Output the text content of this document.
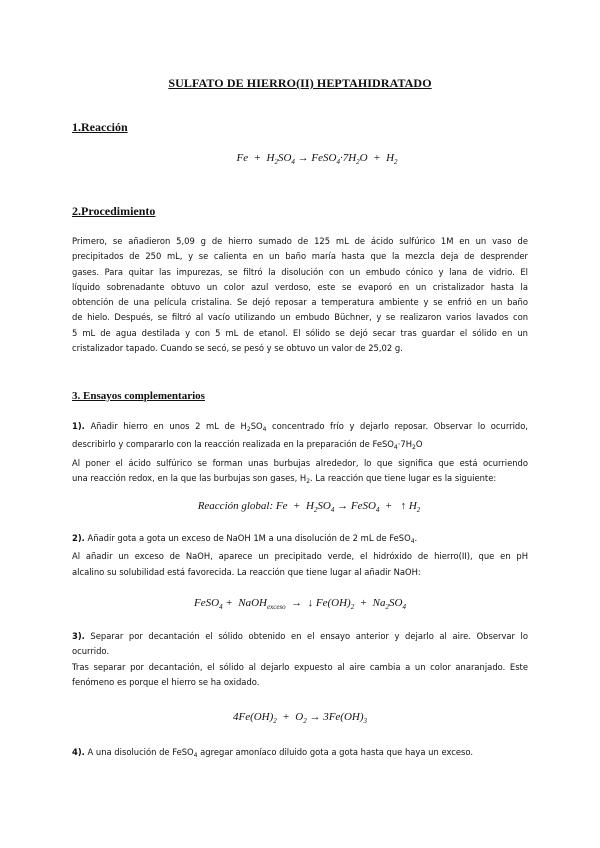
SULFATO DE HIERRO(II) HEPTAHIDRATADO
1.Reacción
$Fe + H_2SO_4$ → $FeSO_4\cdot 7H_2O + H_2$
2.Procedimiento
Primero, se añadieron 5,09 g de hierro sumado de 125 mL de ácido sulfúrico 1M en un vaso de
precipitados de 250 mL, y se calienta en un baño maría hasta que la mezcla deja de desprender
gases. Para quitar las impurezas, se filtró la disolución con un embudo cónico y lana de vidrio. El
líquido sobrenadante obtuvo un color azul verdoso, este se evaporó en un cristalizador hasta la
obtención de una película cristalina. Se dejó reposar a temperatura ambiente y se enfrió en un baño
de hielo. Después, se filtró al vacío utilizando un embudo Büchner, y se realizaron varios lavados con
5 mL de agua destilada y con 5 mL de etanol. El sólido se dejó secar tras guardar el sólido en un
cristalizador tapado. Cuando se secó, se pesó y se obtuvo un valor de 25,02 g.
3. Ensayos complementarios
1). Añadir hierro en unos 2 mL de $H_2SO_4$ concentrado frío y dejarlo reposar. Observar lo ocurrido,
describirlo y compararlo con la reacción realizada en la preparación de $FeSO_4\cdot 7H_2O$
Al poner el ácido sulfúrico se forman unas burbujas alrededor, lo que significa que está ocurriendo
una reacción redox, en la que las burbujas son gases, $H_2$. La reacción que tiene lugar es la siguiente:
Reacción global: $Fe + H_2SO_4$ → FeSO$_4$ + ↑ $H_2$
2). Añadir gota a gota un exceso de NaOH 1M a una disolución de 2 mL de FeSO$_4$.
Al añadir un exceso de NaOH, aparece un precipitado verde, el hidróxido de hierro(II), que en pH
alcalino su solubilidad está favorecida. La reacción que tiene lugar al añadir NaOH:
FeSO$_4$ + NaOH$_{exceso}$ → ↓ $Fe(OH)_2 + Na_2SO_4$
3). Separar por decantación el sólido obtenido en el ensayo anterior y dejarlo al aire. Observar lo
ocurrido.
Tras separar por decantación, el sólido al dejarlo expuesto al aire cambia a un color anaranjado. Este
fenómeno es porque el hierro se ha oxidado.
$4Fe(OH)_2 + O_2 \to 3Fe(OH)_3$
4). A una disolución de FeSO$_4$ agregar amoníaco diluido gota a gota hasta que haya un exceso.
